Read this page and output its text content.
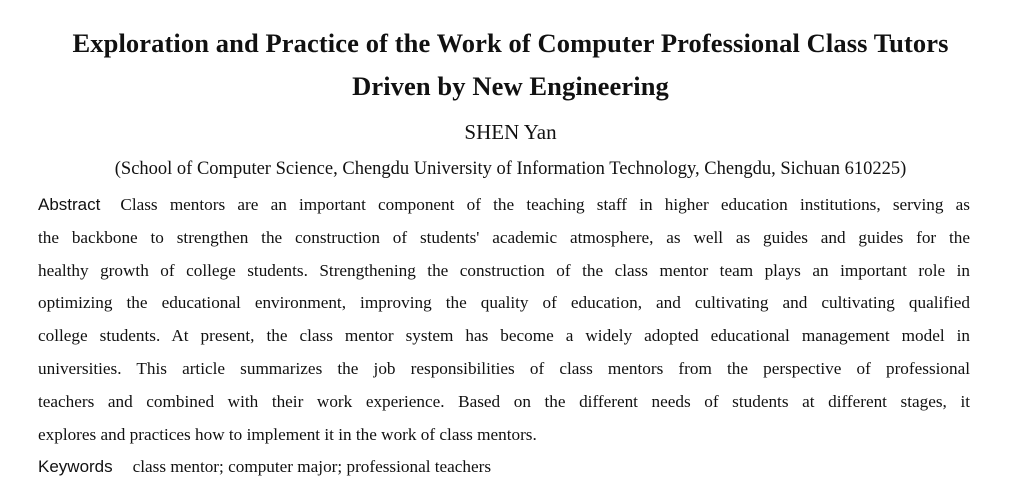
Exploration and Practice of the Work of Computer Professional Class Tutors
Driven by New Engineering
SHEN Yan
(School of Computer Science, Chengdu University of Information Technology, Chengdu, Sichuan 610225)
Abstract Class mentors are an important component of the teaching staff in higher education institutions, serving as
the backbone to strengthen the construction of students' academic atmosphere, as well as guides and guides for the
healthy growth of college students. Strengthening the construction of the class mentor team plays an important role in
optimizing the educational environment, improving the quality of education, and cultivating and cultivating qualified
college students. At present, the class mentor system has become a widely adopted educational management model in
universities. This article summarizes the job responsibilities of class mentors from the perspective of professional
teachers and combined with their work experience. Based on the different needs of students at different stages, it
explores and practices how to implement it in the work of class mentors.
Keywords class mentor; computer major; professional teachers
